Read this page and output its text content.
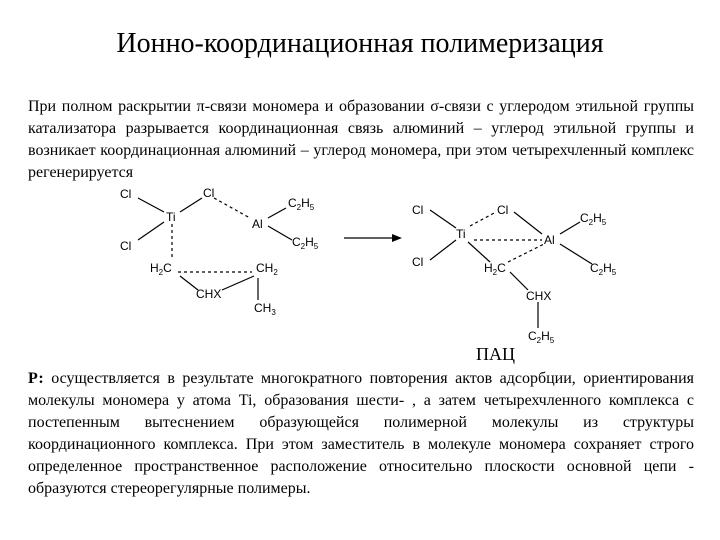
Ионно-координационная полимеризация
При полном раскрытии π-связи мономера и образовании σ-связи с углеродом этильной группы катализатора разрывается координационная связь алюминий – углерод этильной группы и возникает координационная алюминий – углерод мономера, при этом четырехчленный комплекс регенерируется
Cl	Cl
Ti	Al
Cl
$C_2H_5$
$C_2H_5$
$H_2C$	$CH_2$
CHX
$CH_3$
Cl	Cl
Ti	Al
Cl
$C_2H_5$
$C_2H_5$
$H_2C$
CHX
$C_2H_5$
ПАЦ
Р: осуществляется в результате многократного повторения актов адсорбции, ориентирования молекулы мономера у атома Ti, образования шести- , а затем четырехчленного комплекса с постепенным вытеснением образующейся полимерной молекулы из структуры координационного комплекса. При этом заместитель в молекуле мономера сохраняет строго определенное пространственное расположение относительно плоскости основной цепи - образуются стереорегулярные полимеры.
